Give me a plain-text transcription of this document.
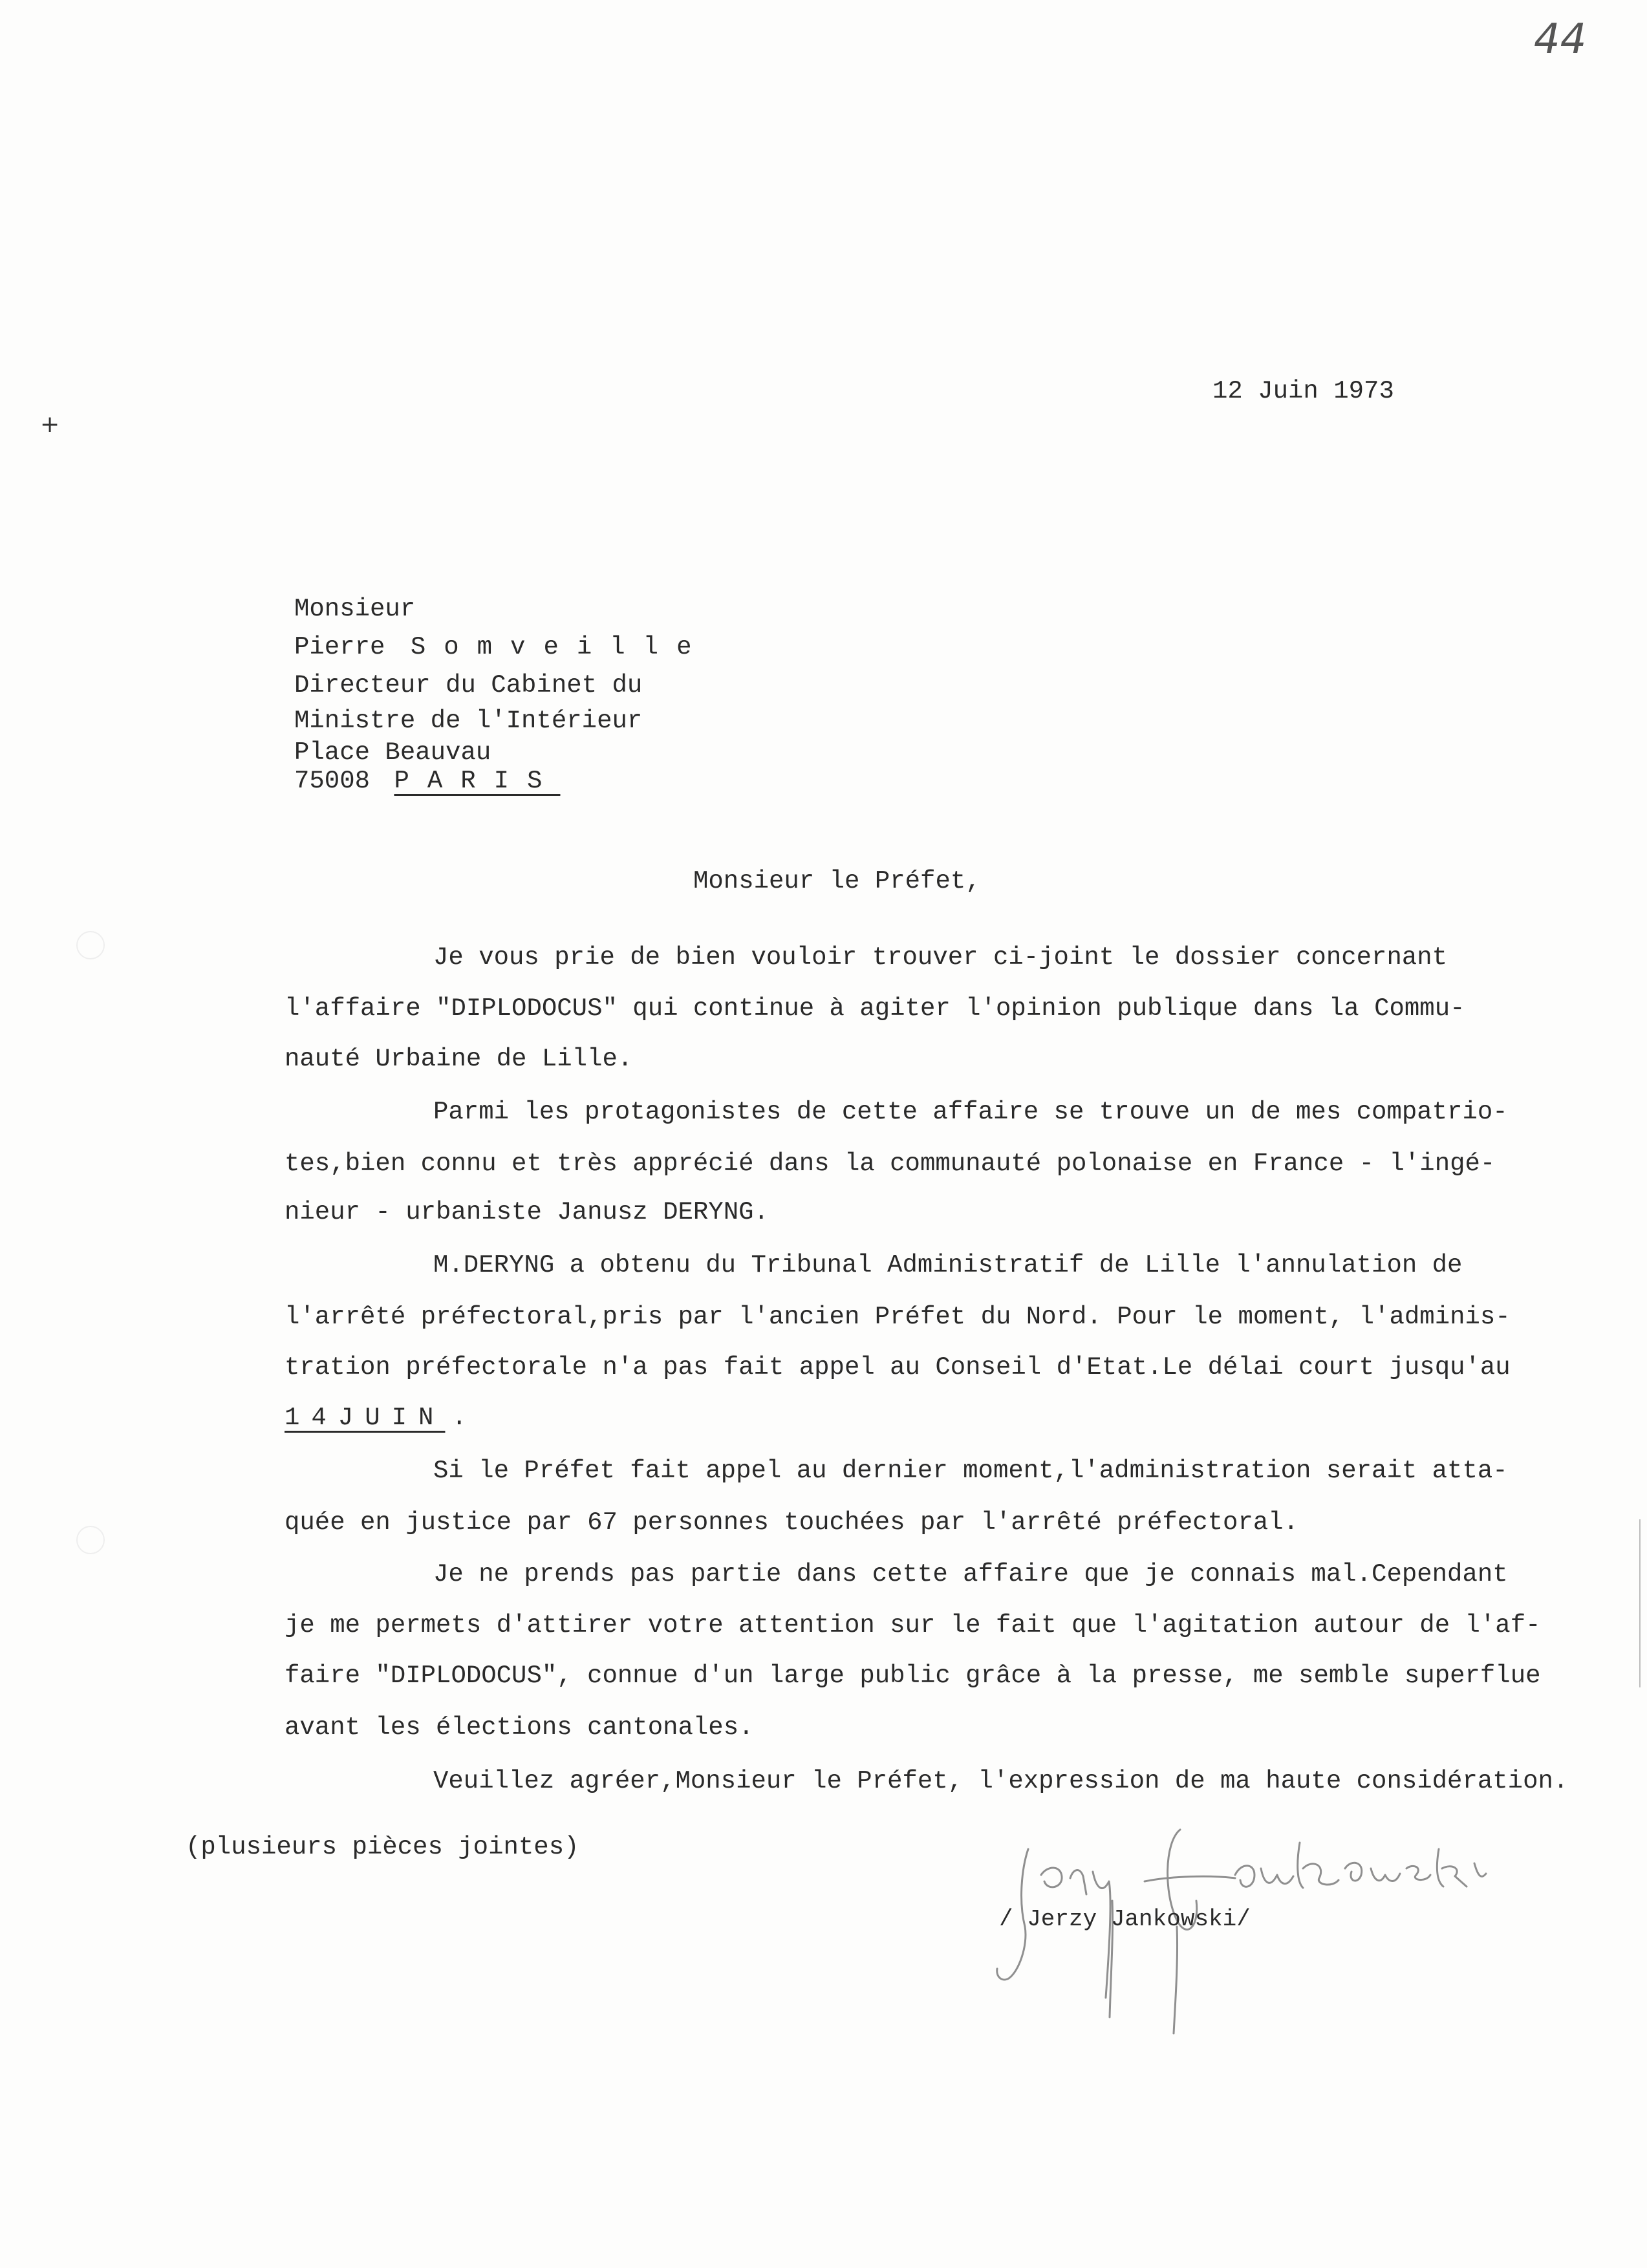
44
+
12 Juin 1973
Monsieur
Pierre Somveille
Directeur du Cabinet du
Ministre de l'Intérieur
Place Beauvau
75008 PARIS
Monsieur le Préfet,
Je vous prie de bien vouloir trouver ci-joint le dossier concernant
l'affaire "DIPLODOCUS" qui continue à agiter l'opinion publique dans la Commu-
nauté Urbaine de Lille.
Parmi les protagonistes de cette affaire se trouve un de mes compatrio-
tes,bien connu et très apprécié dans la communauté polonaise en France - l'ingé-
nieur - urbaniste Janusz DERYNG.
M.DERYNG a obtenu du Tribunal Administratif de Lille l'annulation de
l'arrêté préfectoral,pris par l'ancien Préfet du Nord. Pour le moment, l'adminis-
tration préfectorale n'a pas fait appel au Conseil d'Etat.Le délai court jusqu'au
14JUIN .
Si le Préfet fait appel au dernier moment,l'administration serait atta-
quée en justice par 67 personnes touchées par l'arrêté préfectoral.
Je ne prends pas partie dans cette affaire que je connais mal.Cependant
je me permets d'attirer votre attention sur le fait que l'agitation autour de l'af-
faire "DIPLODOCUS", connue d'un large public grâce à la presse, me semble superflue
avant les élections cantonales.
Veuillez agréer,Monsieur le Préfet, l'expression de ma haute considération.
(plusieurs pièces jointes)
/ Jerzy Jankowski/
